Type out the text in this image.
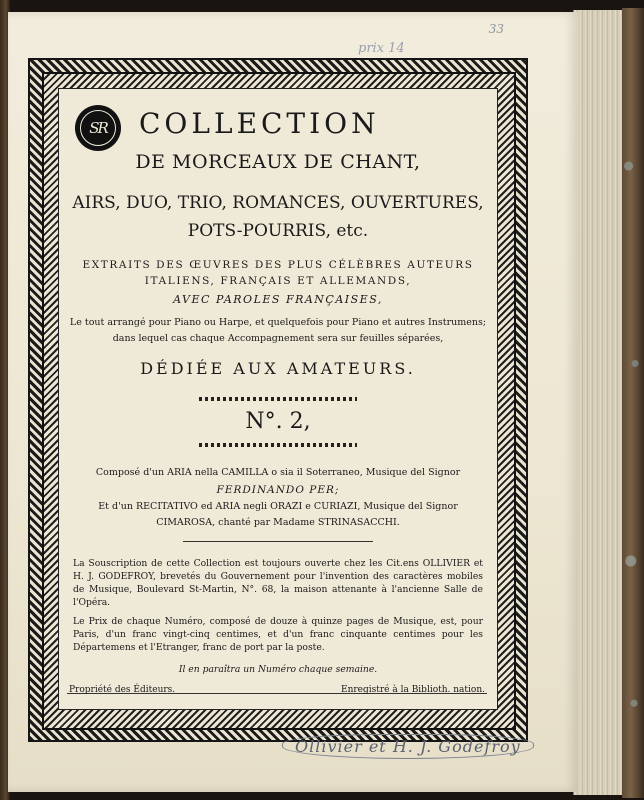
prix 14
33
SR	COLLECTION
DE MORCEAUX DE CHANT,
AIRS, DUO, TRIO, ROMANCES, OUVERTURES,
POTS-POURRIS, etc.
EXTRAITS DES ŒUVRES DES PLUS CÉLÈBRES AUTEURS
ITALIENS, FRANÇAIS ET ALLEMANDS,
AVEC PAROLES FRANÇAISES,
Le tout arrangé pour Piano ou Harpe, et quelquefois pour Piano et autres Instrumens;
dans lequel cas chaque Accompagnement sera sur feuilles séparées,
DÉDIÉE AUX AMATEURS.
N°. 2,
Composé d'un ARIA nella CAMILLA o sia il Soterraneo, Musique del Signor
FERDINANDO PER;
Et d'un RECITATIVO ed ARIA negli ORAZI e CURIAZI, Musique del Signor
CIMAROSA, chanté par Madame STRINASACCHI.
La Souscription de cette Collection est toujours ouverte chez les Cit.ens OLLIVIER et H. J. GODEFROY, brevetés du Gouvernement pour l'invention des caractères mobiles de Musique, Boulevard St-Martin, N°. 68, la maison attenante à l'ancienne Salle de l'Opéra.
Le Prix de chaque Numéro, composé de douze à quinze pages de Musique, est, pour Paris, d'un franc vingt-cinq centimes, et d'un franc cinquante centimes pour les Départemens et l'Etranger, franc de port par la poste.
Il en paraîtra un Numéro chaque semaine.
Propriété des Éditeurs.	Enregistré à la Biblioth. nation.
Ollivier et H. J. Godefroy
